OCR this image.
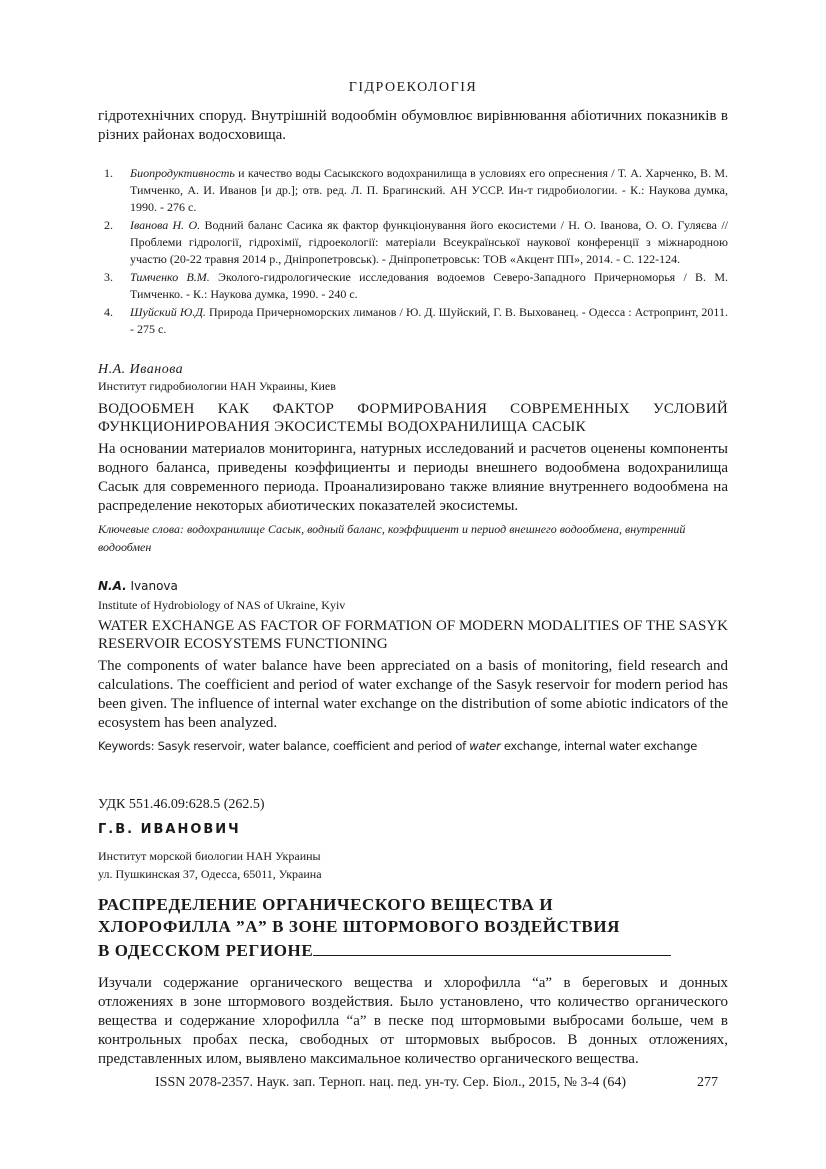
ГІДРОЕКОЛОГІЯ
гідротехнічних споруд. Внутрішній водообмін обумовлює вирівнювання абіотичних показників в різних районах водосховища.
1. Биопродуктивность и качество воды Сасыкского водохранилища в условиях его опреснения / Т. А. Харченко, В. М. Тимченко, А. И. Иванов [и др.]; отв. ред. Л. П. Брагинский. АН УССР. Ин-т гидробиологии. - К.: Наукова думка, 1990. - 276 с.
2. Іванова Н. О. Водний баланс Сасика як фактор функціонування його екосистеми / Н. О. Іванова, О. О. Гуляєва // Проблеми гідрології, гідрохімії, гідроекології: матеріали Всеукраїнської наукової конференції з міжнародною участю (20-22 травня 2014 р., Дніпропетровськ). - Дніпропетровськ: ТОВ «Акцент ПП», 2014. - С. 122-124.
3. Тимченко В.М. Эколого-гидрологические исследования водоемов Северо-Западного Причерноморья / В. М. Тимченко. - К.: Наукова думка, 1990. - 240 с.
4. Шуйский Ю.Д. Природа Причерноморских лиманов / Ю. Д. Шуйский, Г. В. Выхованец. - Одесса : Астропринт, 2011. - 275 с.
Н.А. Иванова
Институт гидробиологии НАН Украины, Киев
ВОДООБМЕН КАК ФАКТОР ФОРМИРОВАНИЯ СОВРЕМЕННЫХ УСЛОВИЙ ФУНКЦИОНИРОВАНИЯ ЭКОСИСТЕМЫ ВОДОХРАНИЛИЩА САСЫК
На основании материалов мониторинга, натурных исследований и расчетов оценены компоненты водного баланса, приведены коэффициенты и периоды внешнего водообмена водохранилища Сасык для современного периода. Проанализировано также влияние внутреннего водообмена на распределение некоторых абиотических показателей экосистемы.
Ключевые слова: водохранилище Сасык, водный баланс, коэффициент и период внешнего водообмена, внутренний водообмен
N.A. Ivanova
Institute of Hydrobiology of NAS of Ukraine, Kyiv
WATER EXCHANGE AS FACTOR OF FORMATION OF MODERN MODALITIES OF THE SASYK RESERVOIR ECOSYSTEMS FUNCTIONING
The components of water balance have been appreciated on a basis of monitoring, field research and calculations. The coefficient and period of water exchange of the Sasyk reservoir for modern period has been given. The influence of internal water exchange on the distribution of some abiotic indicators of the ecosystem has been analyzed.
Keywords: Sasyk reservoir, water balance, coefficient and period of water exchange, internal water exchange
УДК 551.46.09:628.5 (262.5)
Г.В. ИВАНОВИЧ
Институт морской биологии НАН Украины
ул. Пушкинская 37, Одесса, 65011, Украина
РАСПРЕДЕЛЕНИЕ ОРГАНИЧЕСКОГО ВЕЩЕСТВА И
ХЛОРОФИЛЛА ”А” В ЗОНЕ ШТОРМОВОГО ВОЗДЕЙСТВИЯ
В ОДЕССКОМ РЕГИОНЕ
Изучали содержание органического вещества и хлорофилла “а” в береговых и донных отложениях в зоне штормового воздействия. Было установлено, что количество органического вещества и содержание хлорофилла “а” в песке под штормовыми выбросами больше, чем в контрольных пробах песка, свободных от штормовых выбросов. В донных отложениях, представленных илом, выявлено максимальное количество органического вещества.
ISSN 2078-2357. Наук. зап. Терноп. нац. пед. ун-ту. Сер. Біол., 2015, № 3-4 (64)	277
